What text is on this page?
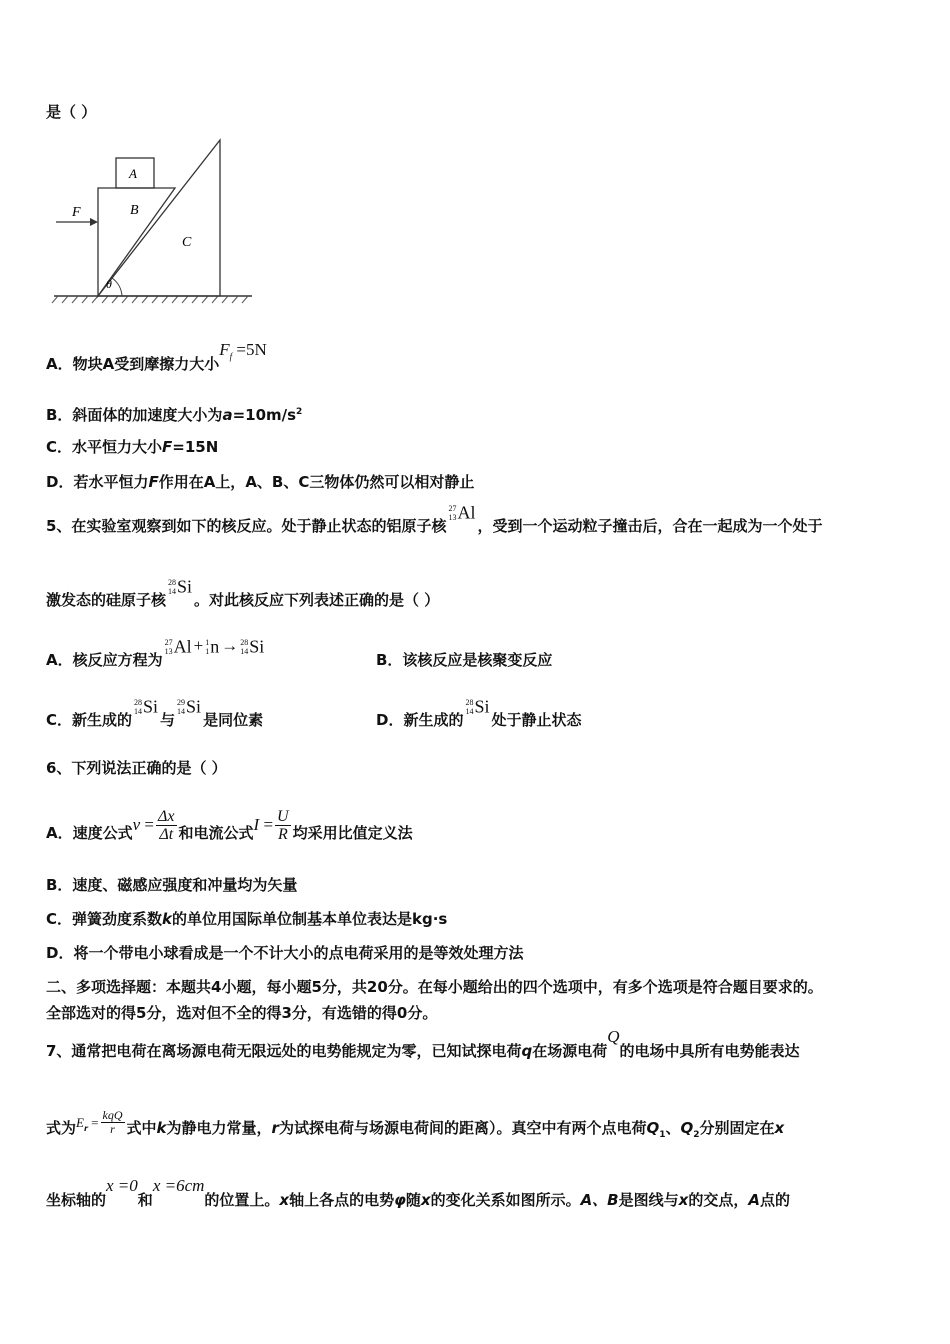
是（ ）
B
A
C
F
θ
A．物块A受到摩擦力大小$F_f =5N$
B．斜面体的加速度大小为$a=10m/s^2$
C．水平恒力大小F=15N
D．若水平恒力F作用在A上，A、B、C三物体仍然可以相对静止
5、在实验室观察到如下的核反应。处于静止状态的铝原子核
27
13 Al，受到一个运动粒子撞击后，合在一起成为一个处于
激发态的硅原子核
28
14 Si。对此核反应下列表述正确的是（ ）
A．核反应方程为
27
13 Al + 1
1 n → 28
14 Si
B．该核反应是核聚变反应
C．新生成的
28
14 Si与
29
14 Si是同位素	D．新生成的
28
14 Si处于静止状态
6、下列说法正确的是（ ）
A．速度公式$v = \frac{\Delta x}{\Delta t}$ 和电流公式$I = \frac{U}{R}$ 均采用比值定义法
B．速度、磁感应强度和冲量均为矢量
C．弹簧劲度系数k的单位用国际单位制基本单位表达是kg·s
D．将一个带电小球看成是一个不计大小的点电荷采用的是等效处理方法
二、多项选择题：本题共4小题，每小题5分，共20分。在每小题给出的四个选项中，有多个选项是符合题目要求的。
全部选对的得5分，选对但不全的得3分，有选错的得0分。
7、通常把电荷在离场源电荷无限远处的电势能规定为零，已知试探电荷q在场源电荷Q的电场中具所有电势能表达
式为$E_r = \frac{\text{kqQ}}{r}$ 式中k为静电力常量，r为试探电荷与场源电荷间的距离）。真空中有两个点电荷$Q_1$、$Q_2$分别固定在x
坐标轴的x =0和x =6cm的位置上。x轴上各点的电势φ随x的变化关系如图所示。A、B是图线与x的交点，A点的
